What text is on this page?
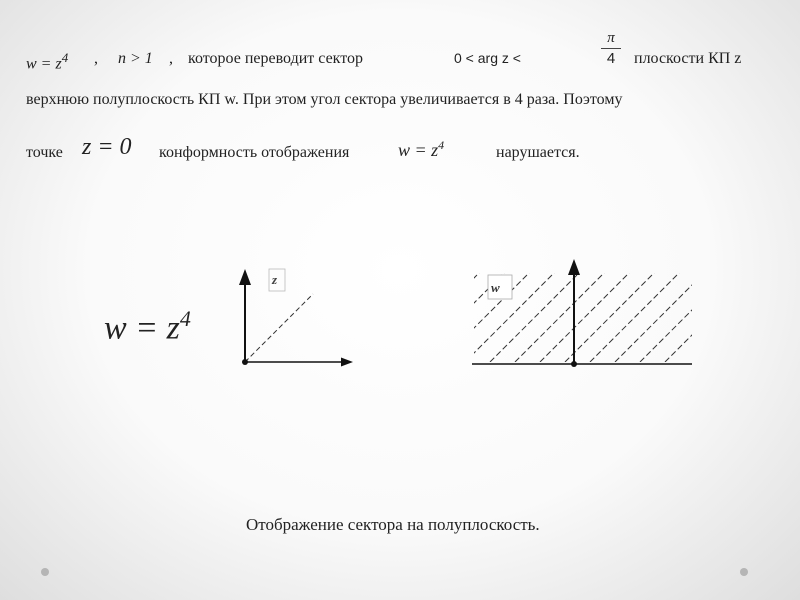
$w = z^4$ , n > 1 , которое переводит сектор	0 < arg z <
π
4	плоскости КП z
верхнюю полуплоскость КП w. При этом угол сектора увеличивается в 4 раза. Поэтому
точке z = 0 конформность отображения	$w = z^4$	нарушается.
$w = z^4$
z
w
Отображение сектора на полуплоскость.
